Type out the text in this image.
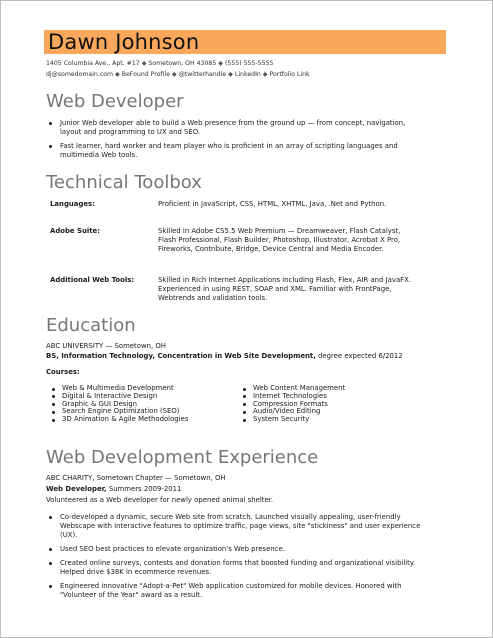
Dawn Johnson
1405 Columbia Ave., Apt. #17 ◆ Sometown, OH 43085 ◆ (555) 555-5555
dj@somedomain.com ◆ BeFound Profile ◆ @twitterhandle ◆ LinkedIn ◆ Portfolio Link
Web Developer
Junior Web developer able to build a Web presence from the ground up — from concept, navigation, layout and programming to UX and SEO.
Fast learner, hard worker and team player who is proficient in an array of scripting languages and multimedia Web tools.
Technical Toolbox
Languages:	Proficient in JavaScript, CSS, HTML, XHTML, Java, .Net and Python.
Adobe Suite:	Skilled in Adobe CS5.5 Web Premium — Dreamweaver, Flash Catalyst, Flash Professional, Flash Builder, Photoshop, Illustrator, Acrobat X Pro, Fireworks, Contribute, Bridge, Device Central and Media Encoder.
Additional Web Tools:	Skilled in Rich Internet Applications including Flash, Flex, AIR and JavaFX. Experienced in using REST, SOAP and XML. Familiar with FrontPage, Webtrends and validation tools.
Education
ABC UNIVERSITY — Sometown, OH
BS, Information Technology, Concentration in Web Site Development, degree expected 6/2012
Courses:
Web & Multimedia Development
Digital & Interactive Design
Graphic & GUI Design
Search Engine Optimization (SEO)
3D Animation & Agile Methodologies
Web Content Management
Internet Technologies
Compression Formats
Audio/Video Editing
System Security
Web Development Experience
ABC CHARITY, Sometown Chapter — Sometown, OH
Web Developer, Summers 2009-2011
Volunteered as a Web developer for newly opened animal shelter.
Co-developed a dynamic, secure Web site from scratch. Launched visually appealing, user-friendly Webscape with interactive features to optimize traffic, page views, site "stickiness" and user experience (UX).
Used SEO best practices to elevate organization's Web presence.
Created online surveys, contests and donation forms that boosted funding and organizational visibility. Helped drive $38K in ecommerce revenues.
Engineered innovative "Adopt-a-Pet" Web application customized for mobile devices. Honored with "Volunteer of the Year" award as a result.
